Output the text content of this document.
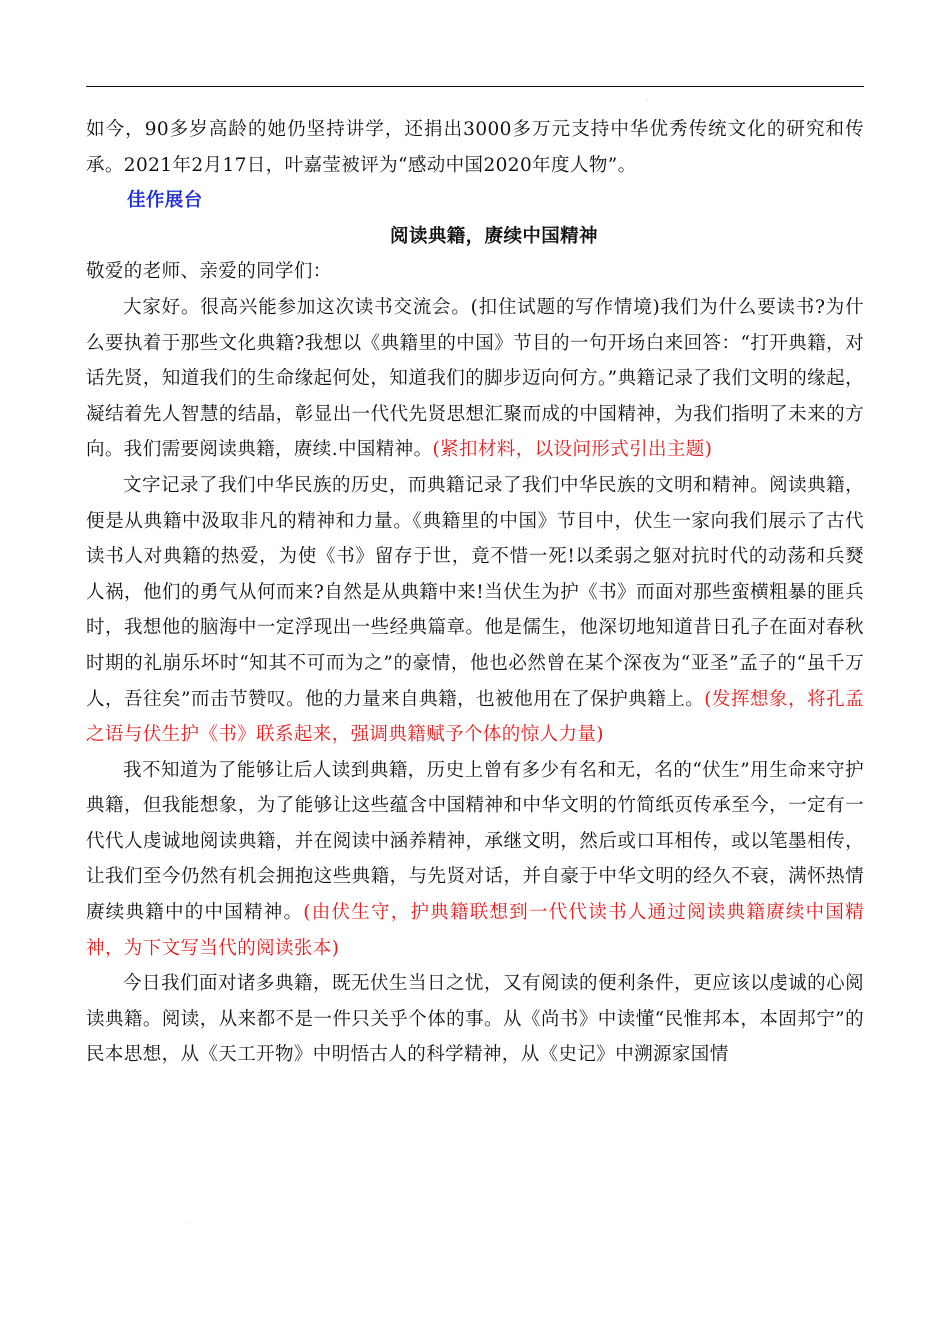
.

如今，90多岁高龄的她仍坚持讲学，还捐出3000多万元支持中华优秀传统文化的研究和传承。2021年2月17日，叶嘉莹被评为“感动中国2020年度人物”。

佳作展台

阅读典籍，赓续中国精神

敬爱的老师、亲爱的同学们：

大家好。很高兴能参加这次读书交流会。(扣住试题的写作情境)我们为什么要读书?为什么要执着于那些文化典籍?我想以《典籍里的中国》节目的一句开场白来回答：“打开典籍，对话先贤，知道我们的生命缘起何处，知道我们的脚步迈向何方。”典籍记录了我们文明的缘起，凝结着先人智慧的结晶，彰显出一代代先贤思想汇聚而成的中国精神，为我们指明了未来的方向。我们需要阅读典籍，赓续.中国精神。(紧扣材料，以设问形式引出主题)

文字记录了我们中华民族的历史，而典籍记录了我们中华民族的文明和精神。阅读典籍，便是从典籍中汲取非凡的精神和力量。《典籍里的中国》节目中，伏生一家向我们展示了古代读书人对典籍的热爱，为使《书》留存于世，竟不惜一死!以柔弱之躯对抗时代的动荡和兵燹人祸，他们的勇气从何而来?自然是从典籍中来!当伏生为护《书》而面对那些蛮横粗暴的匪兵时，我想他的脑海中一定浮现出一些经典篇章。他是儒生，他深切地知道昔日孔子在面对春秋时期的礼崩乐坏时“知其不可而为之”的豪情，他也必然曾在某个深夜为“亚圣”孟子的“虽千万人，吾往矣”而击节赞叹。他的力量来自典籍，也被他用在了保护典籍上。(发挥想象，将孔孟之语与伏生护《书》联系起来，强调典籍赋予个体的惊人力量)

我不知道为了能够让后人读到典籍，历史上曾有多少有名和无，名的“伏生”用生命来守护典籍，但我能想象，为了能够让这些蕴含中国精神和中华文明的竹简纸页传承至今，一定有一代代人虔诚地阅读典籍，并在阅读中涵养精神，承继文明，然后或口耳相传，或以笔墨相传，让我们至今仍然有机会拥抱这些典籍，与先贤对话，并自豪于中华文明的经久不衰，满怀热情赓续典籍中的中国精神。(由伏生守，护典籍联想到一代代读书人通过阅读典籍赓续中国精神，为下文写当代的阅读张本)

今日我们面对诸多典籍，既无伏生当日之忧，又有阅读的便利条件，更应该以虔诚的心阅读典籍。阅读，从来都不是一件只关乎个体的事。从《尚书》中读懂“民惟邦本，本固邦宁”的民本思想，从《天工开物》中明悟古人的科学精神，从《史记》中溯源家国情

.
